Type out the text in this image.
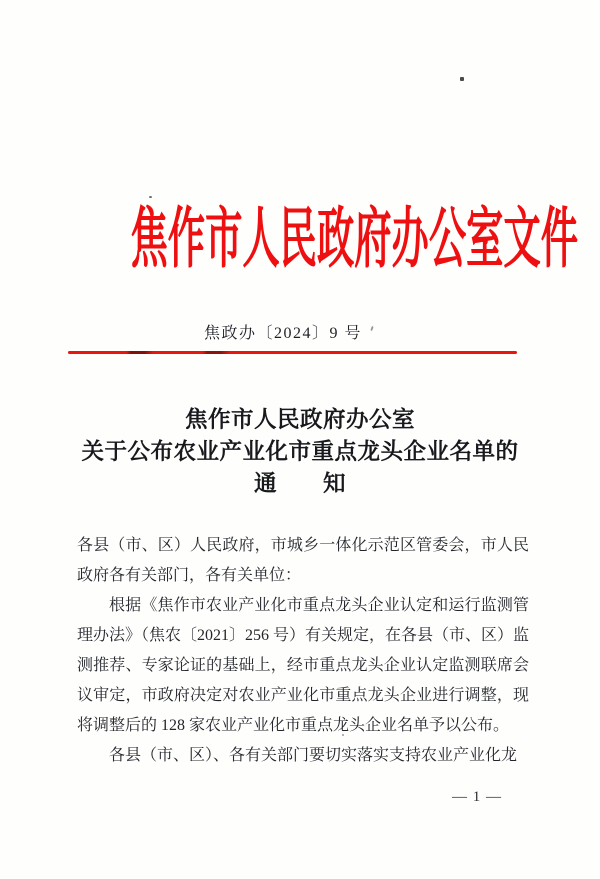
焦作市人民政府办公室文件
焦政办〔2024〕9 号
焦作市人民政府办公室
关于公布农业产业化市重点龙头企业名单的
通　　知
各县（市、区）人民政府，市城乡一体化示范区管委会，市人民政府各有关部门，各有关单位：
根据《焦作市农业产业化市重点龙头企业认定和运行监测管理办法》（焦农〔2021〕256 号）有关规定，在各县（市、区）监测推荐、专家论证的基础上，经市重点龙头企业认定监测联席会议审定，市政府决定对农业产业化市重点龙头企业进行调整，现将调整后的 128 家农业产业化市重点龙头企业名单予以公布。
各县（市、区）、各有关部门要切实落实支持农业产业化龙
— 1 —
